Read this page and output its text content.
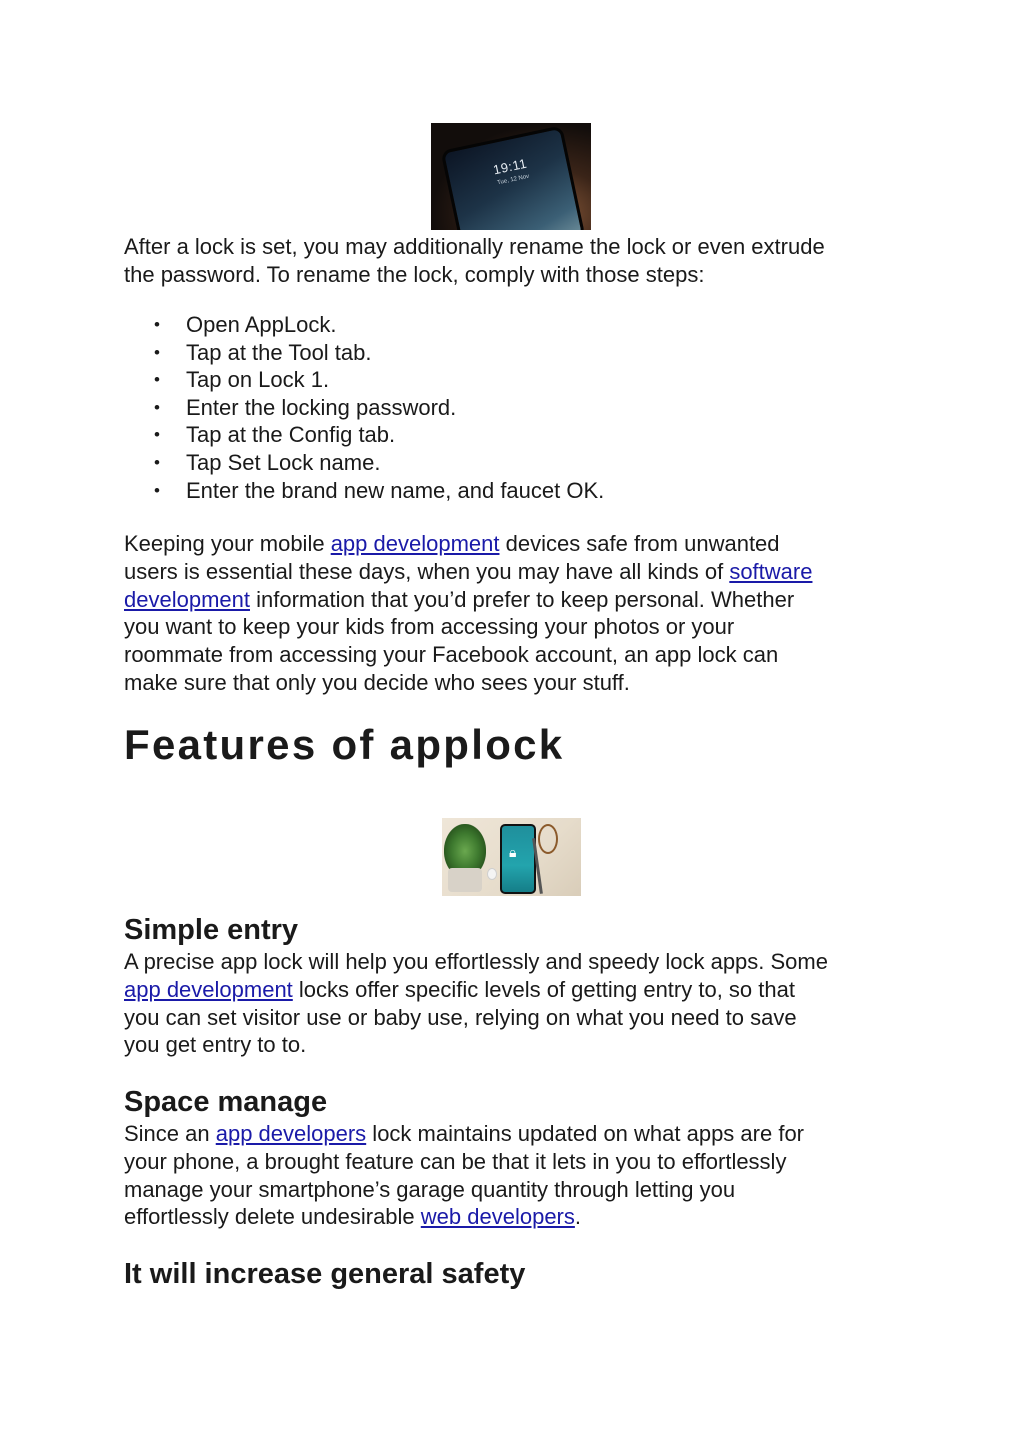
19:11
Tue, 12 Nov

After a lock is set, you may additionally rename the lock or even extrude

the password. To rename the lock, comply with those steps:

• Open AppLock.
• Tap at the Tool tab.
• Tap on Lock 1.
• Enter the locking password.
• Tap at the Config tab.
• Tap Set Lock name.
• Enter the brand new name, and faucet OK.

Keeping your mobile app development devices safe from unwanted

users is essential these days, when you may have all kinds of software

development information that you’d prefer to keep personal. Whether

you want to keep your kids from accessing your photos or your

roommate from accessing your Facebook account, an app lock can

make sure that only you decide who sees your stuff.

Features of applock
🔒︎
Simple entry

A precise app lock will help you effortlessly and speedy lock apps. Some

app development locks offer specific levels of getting entry to, so that

you can set visitor use or baby use, relying on what you need to save

you get entry to to.

Space manage

Since an app developers lock maintains updated on what apps are for

your phone, a brought feature can be that it lets in you to effortlessly

manage your smartphone’s garage quantity through letting you

effortlessly delete undesirable web developers.

It will increase general safety
